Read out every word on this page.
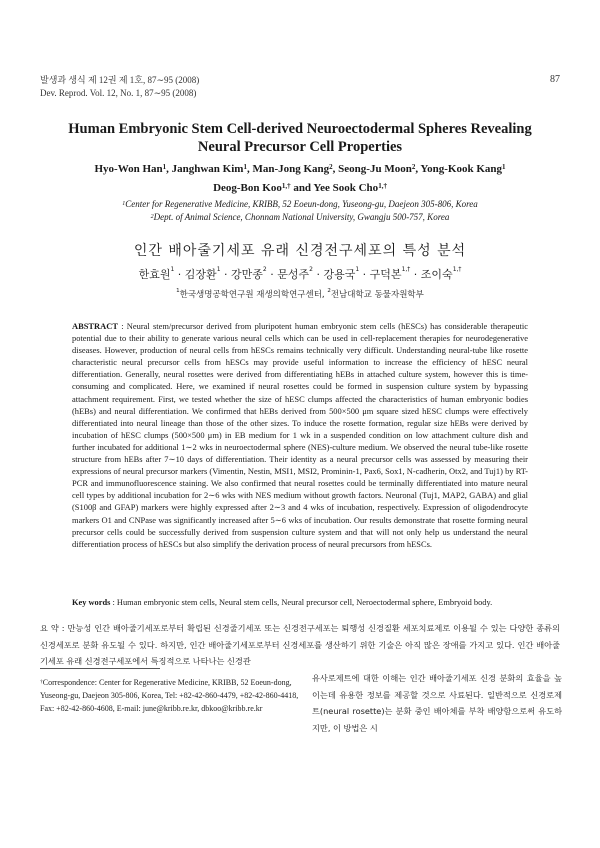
발생과 생식 제 12권 제 1호, 87∼95 (2008)
Dev. Reprod. Vol. 12, No. 1, 87∼95 (2008)
87
Human Embryonic Stem Cell-derived Neuroectodermal Spheres Revealing
Neural Precursor Cell Properties
Hyo-Won Han$^1$, Janghwan Kim$^1$, Man-Jong Kang$^2$, Seong-Ju Moon$^2$, Yong-Kook Kang$^1$
Deog-Bon Koo$^{1,\dagger}$ and Yee Sook Cho$^{1,\dagger}$
$^1$Center for Regenerative Medicine, KRIBB, 52 Eoeun-dong, Yuseong-gu, Daejeon 305-806, Korea
$^2$Dept. of Animal Science, Chonnam National University, Gwangju 500-757, Korea
인간 배아줄기세포 유래 신경전구세포의 특성 분석
한효원$^1$ · 김장환$^1$ · 강만종$^2$ · 문성주$^2$ · 강용국$^1$ · 구덕본$^{1,\dagger}$ · 조이숙$^{1,\dagger}$
$^1$한국생명공학연구원 재생의학연구센터, $^2$전남대학교 동물자원학부
ABSTRACT : Neural stem/precursor derived from pluripotent human embryonic stem cells (hESCs) has considerable therapeutic potential due to their ability to generate various neural cells which can be used in cell-replacement therapies for neurodegenerative diseases. However, production of neural cells from hESCs remains technically very difficult. Understanding neural-tube like rosette characteristic neural precursor cells from hESCs may provide useful information to increase the efficiency of hESC neural differentiation. Generally, neural rosettes were derived from differentiating hEBs in attached culture system, however this is time-consuming and complicated. Here, we examined if neural rosettes could be formed in suspension culture system by bypassing attachment requirement. First, we tested whether the size of hESC clumps affected the characteristics of human embryonic bodies (hEBs) and neural differentiation. We confirmed that hEBs derived from 500×500 μm square sized hESC clumps were effectively differentiated into neural lineage than those of the other sizes. To induce the rosette formation, regular size hEBs were derived by incubation of hESC clumps (500×500 μm) in EB medium for 1 wk in a suspended condition on low attachment culture dish and further incubated for additional 1∼2 wks in neuroectodermal sphere (NES)-culture medium. We observed the neural tube-like rosette structure from hEBs after 7∼10 days of differentiation. Their identity as a neural precursor cells was assessed by measuring their expressions of neural precursor markers (Vimentin, Nestin, MSI1, MSI2, Prominin-1, Pax6, Sox1, N-cadherin, Otx2, and Tuj1) by RT-PCR and immunofluorescence staining. We also confirmed that neural rosettes could be terminally differentiated into mature neural cell types by additional incubation for 2∼6 wks with NES medium without growth factors. Neuronal (Tuj1, MAP2, GABA) and glial (S100β and GFAP) markers were highly expressed after 2∼3 and 4 wks of incubation, respectively. Expression of oligodendrocyte markers O1 and CNPase was significantly increased after 5∼6 wks of incubation. Our results demonstrate that rosette forming neural precursor cells could be successfully derived from suspension culture system and that will not only help us understand the neural differentiation process of hESCs but also simplify the derivation process of neural precursors from hESCs.
Key words : Human embryonic stem cells, Neural stem cells, Neural precursor cell, Neroectodermal sphere, Embryoid body.
요 약 : 만능성 인간 배아줄기세포로부터 확립된 신경줄기세포 또는 신경전구세포는 퇴행성 신경질환 세포치료제로 이용될 수 있는 다양한 종류의 신경세포로 분화 유도될 수 있다. 하지만, 인간 배아줄기세포로부터 신경세포를 생산하기 위한 기술은 아직 많은 장애를 가지고 있다. 인간 배아줄기세포 유래 신경전구세포에서 특징적으로 나타나는 신경관
†Correspondence: Center for Regenerative Medicine, KRIBB, 52 Eoeun-dong, Yuseong-gu, Daejeon 305-806, Korea, Tel: +82-42-860-4479, +82-42-860-4418, Fax: +82-42-860-4608, E-mail: june@kribb.re.kr, dbkoo@kribb.re.kr
유사로제트에 대한 이해는 인간 배아줄기세포 신경 분화의 효율을 높이는데 유용한 정보를 제공할 것으로 사료된다. 일반적으로 신경로제트(neural rosette)는 분화 중인 배아체를 부착 배양함으로써 유도하지만, 이 방법은 시
